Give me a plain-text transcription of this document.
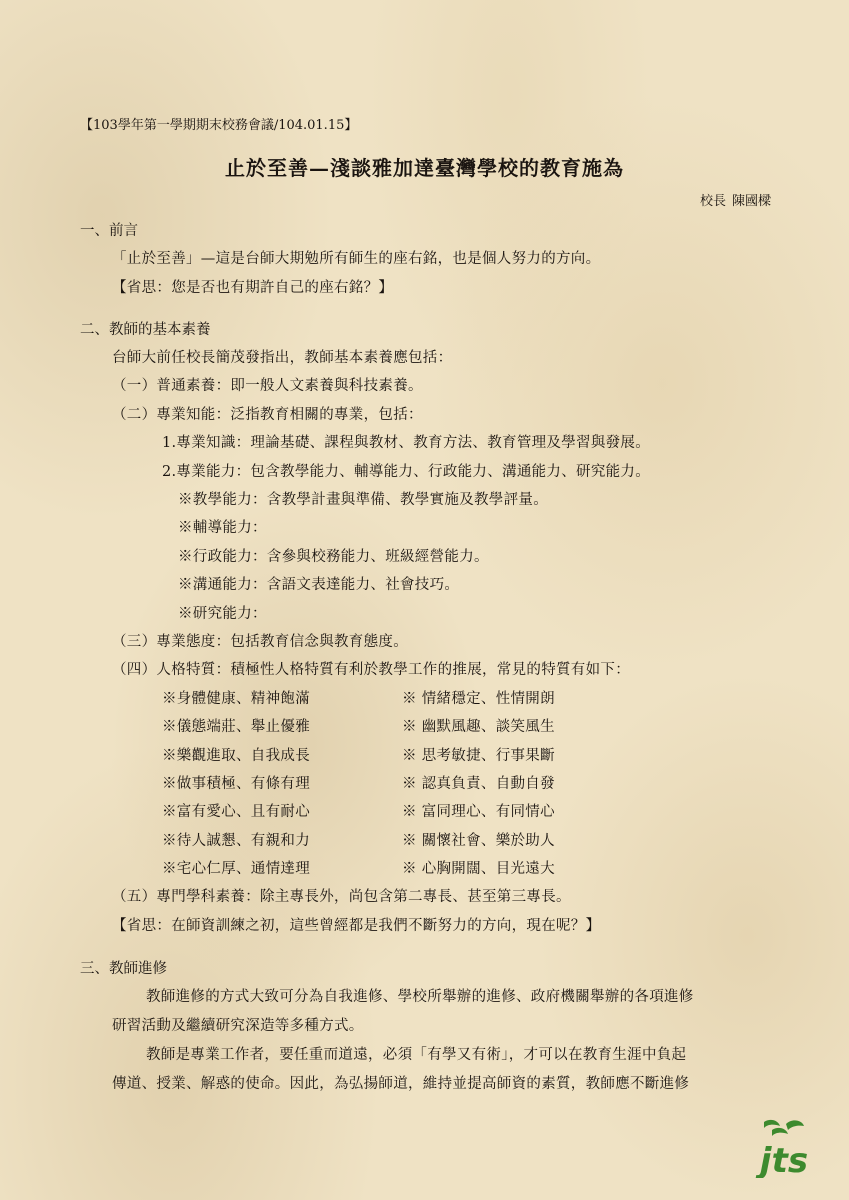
【103學年第一學期期末校務會議/104.01.15】
止於至善—淺談雅加達臺灣學校的教育施為
校長 陳國樑
一、前言
「止於至善」—這是台師大期勉所有師生的座右銘，也是個人努力的方向。
【省思：您是否也有期許自己的座右銘？】
二、教師的基本素養
台師大前任校長簡茂發指出，教師基本素養應包括：
（一）普通素養：即一般人文素養與科技素養。
（二）專業知能：泛指教育相關的專業，包括：
1.專業知識：理論基礎、課程與教材、教育方法、教育管理及學習與發展。
2.專業能力：包含教學能力、輔導能力、行政能力、溝通能力、研究能力。
※教學能力：含教學計畫與準備、教學實施及教學評量。
※輔導能力：
※行政能力：含參與校務能力、班級經營能力。
※溝通能力：含語文表達能力、社會技巧。
※研究能力：
（三）專業態度：包括教育信念與教育態度。
（四）人格特質：積極性人格特質有利於教學工作的推展，常見的特質有如下：
※身體健康、精神飽滿
※儀態端莊、舉止優雅
※樂觀進取、自我成長
※做事積極、有條有理
※富有愛心、且有耐心
※待人誠懇、有親和力
※宅心仁厚、通情達理
※ 情緒穩定、性情開朗
※ 幽默風趣、談笑風生
※ 思考敏捷、行事果斷
※ 認真負責、自動自發
※ 富同理心、有同情心
※ 關懷社會、樂於助人
※ 心胸開闊、目光遠大
（五）專門學科素養：除主專長外，尚包含第二專長、甚至第三專長。
【省思：在師資訓練之初，這些曾經都是我們不斷努力的方向，現在呢？】
三、教師進修
教師進修的方式大致可分為自我進修、學校所舉辦的進修、政府機關舉辦的各項進修
研習活動及繼續研究深造等多種方式。
教師是專業工作者，要任重而道遠，必須「有學又有術」，才可以在教育生涯中負起
傳道、授業、解惑的使命。因此，為弘揚師道，維持並提高師資的素質，教師應不斷進修
jts
